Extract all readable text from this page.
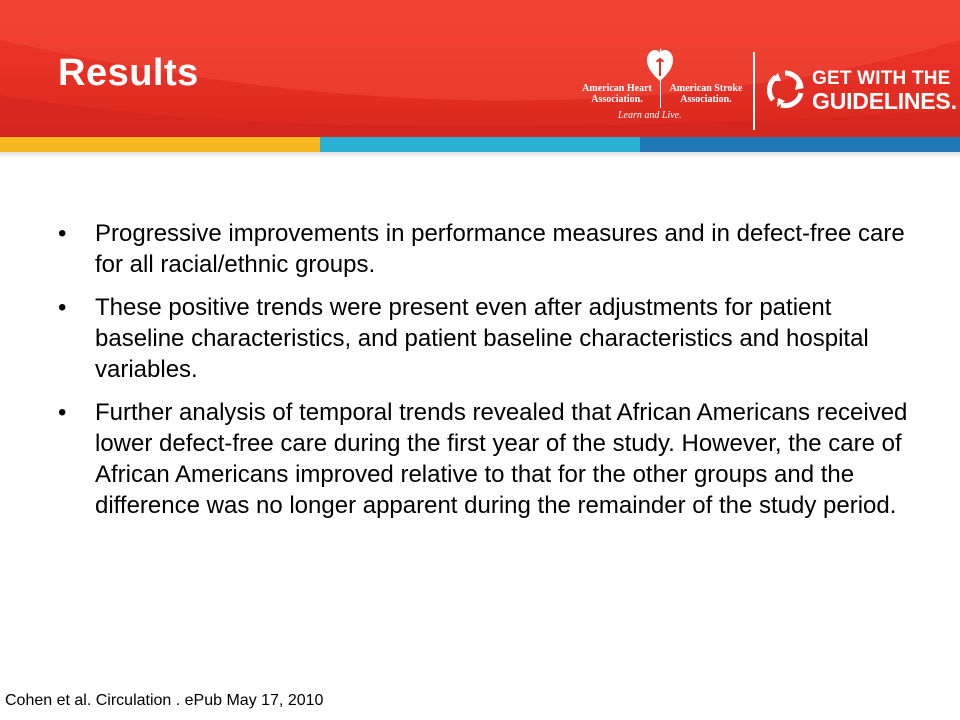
Results	American Heart
Association.
American Stroke
Association.
Learn and Live.
GET WITH THE
GUIDELINES.
• Progressive improvements in performance measures and in defect-free care for all racial/ethnic groups.
• These positive trends were present even after adjustments for patient baseline characteristics, and patient baseline characteristics and hospital variables.
• Further analysis of temporal trends revealed that African Americans received lower defect-free care during the first year of the study. However, the care of African Americans improved relative to that for the other groups and the difference was no longer apparent during the remainder of the study period.
Cohen et al. Circulation . ePub May 17, 2010
